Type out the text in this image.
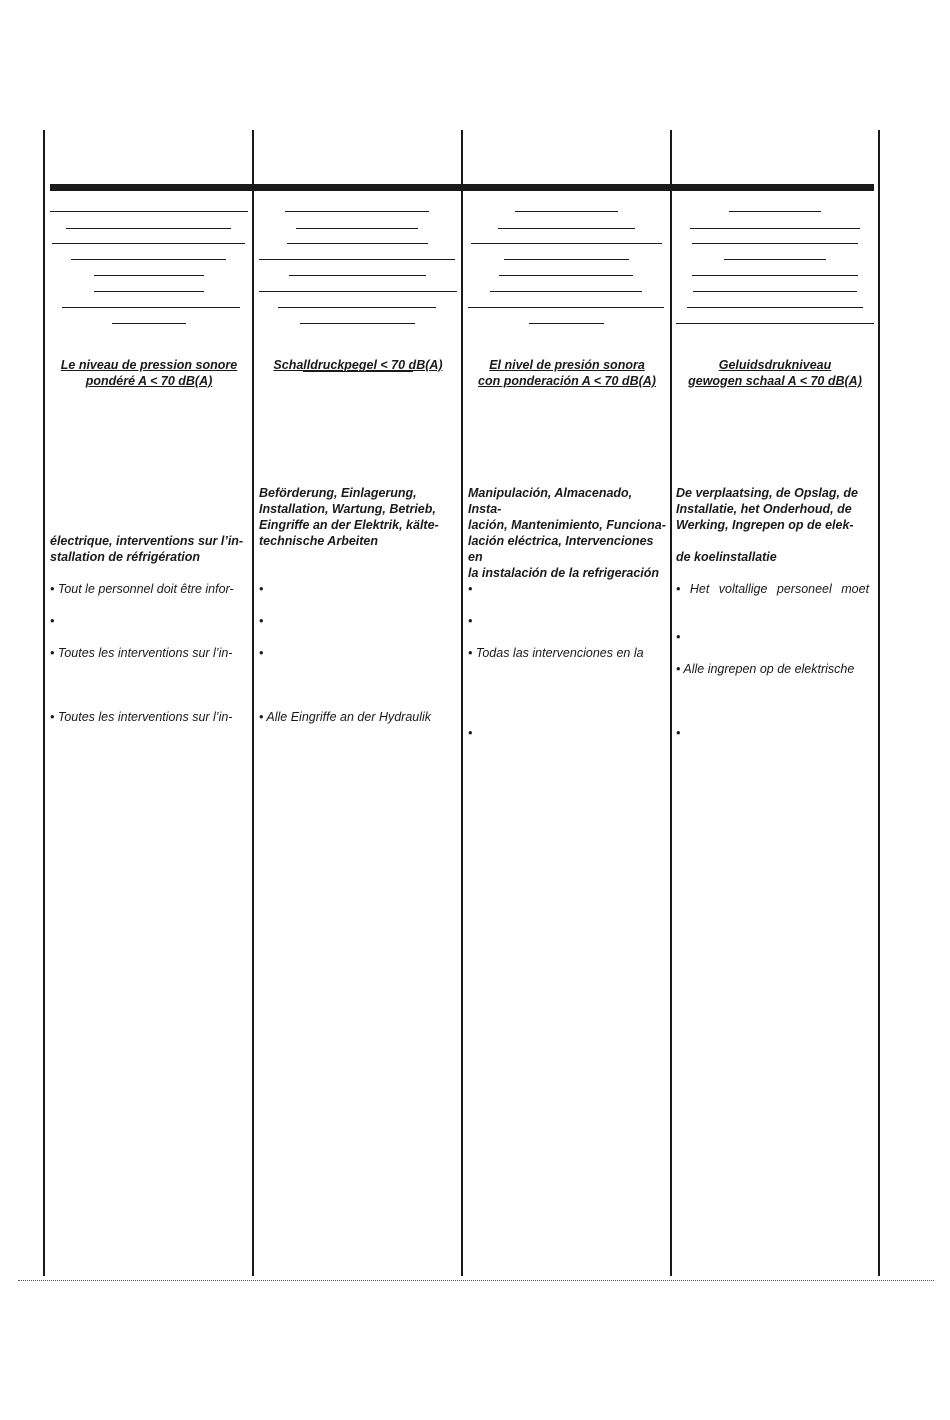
Le niveau de pression sonore
pondéré A < 70 dB(A)
électrique, interventions sur l’in-
stallation de réfrigération
• Tout le personnel doit être infor-
•
• Toutes les interventions sur l’in-
• Toutes les interventions sur l’in-
Schalldruckpegel < 70 dB(A)
Beförderung, Einlagerung,
Installation, Wartung, Betrieb,
Eingriffe an der Elektrik, kälte-
technische Arbeiten
•
•
•
• Alle Eingriffe an der Hydraulik
El nivel de presión sonora
con ponderación A < 70 dB(A)
Manipulación, Almacenado, Insta-
lación, Mantenimiento, Funciona-
lación eléctrica, Intervenciones en
la instalación de la refrigeración
•
•
• Todas las intervenciones en la
•
Geluidsdrukniveau
gewogen schaal A < 70 dB(A)
De verplaatsing, de Opslag, de
Installatie, het Onderhoud, de
Werking, Ingrepen op de elek-
de koelinstallatie
• Het voltallige personeel moet
•
• Alle ingrepen op de elektrische
•
